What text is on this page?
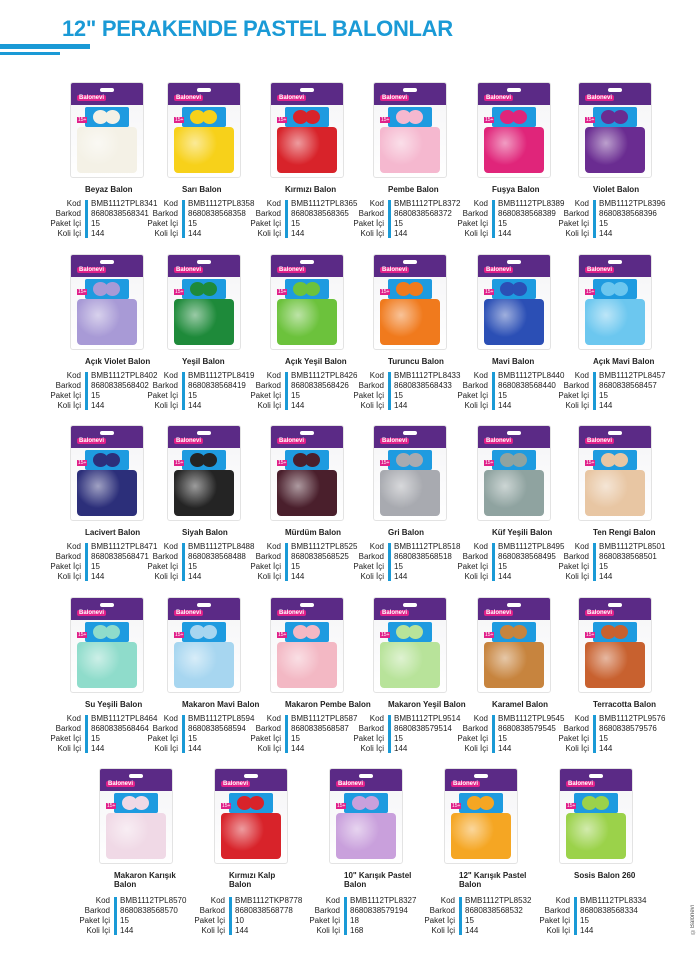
12" PERAKENDE PASTEL BALONLAR
Balonevi
15+
Beyaz Balon
Kod
Barkod
Paket İçi
Koli İçi
BMB1112TPL8341
8680838568341
15
144
Balonevi
15+
Sarı Balon
Kod
Barkod
Paket İçi
Koli İçi
BMB1112TPL8358
8680838568358
15
144
Balonevi
15+
Kırmızı Balon
Kod
Barkod
Paket İçi
Koli İçi
BMB1112TPL8365
8680838568365
15
144
Balonevi
15+
Pembe Balon
Kod
Barkod
Paket İçi
Koli İçi
BMB1112TPL8372
8680838568372
15
144
Balonevi
15+
Fuşya Balon
Kod
Barkod
Paket İçi
Koli İçi
BMB1112TPL8389
8680838568389
15
144
Balonevi
15+
Violet Balon
Kod
Barkod
Paket İçi
Koli İçi
BMB1112TPL8396
8680838568396
15
144
Balonevi
15+
Açık Violet Balon
Kod
Barkod
Paket İçi
Koli İçi
BMB1112TPL8402
8680838568402
15
144
Balonevi
15+
Yeşil Balon
Kod
Barkod
Paket İçi
Koli İçi
BMB1112TPL8419
8680838568419
15
144
Balonevi
15+
Açık Yeşil Balon
Kod
Barkod
Paket İçi
Koli İçi
BMB1112TPL8426
8680838568426
15
144
Balonevi
15+
Turuncu Balon
Kod
Barkod
Paket İçi
Koli İçi
BMB1112TPL8433
8680838568433
15
144
Balonevi
15+
Mavi Balon
Kod
Barkod
Paket İçi
Koli İçi
BMB1112TPL8440
8680838568440
15
144
Balonevi
15+
Açık Mavi Balon
Kod
Barkod
Paket İçi
Koli İçi
BMB1112TPL8457
8680838568457
15
144
Balonevi
15+
Lacivert Balon
Kod
Barkod
Paket İçi
Koli İçi
BMB1112TPL8471
8680838568471
15
144
Balonevi
15+
Siyah Balon
Kod
Barkod
Paket İçi
Koli İçi
BMB1112TPL8488
8680838568488
15
144
Balonevi
15+
Mürdüm Balon
Kod
Barkod
Paket İçi
Koli İçi
BMB1112TPL8525
8680838568525
15
144
Balonevi
15+
Gri Balon
Kod
Barkod
Paket İçi
Koli İçi
BMB1112TPL8518
8680838568518
15
144
Balonevi
15+
Küf Yeşili Balon
Kod
Barkod
Paket İçi
Koli İçi
BMB1112TPL8495
8680838568495
15
144
Balonevi
15+
Ten Rengi Balon
Kod
Barkod
Paket İçi
Koli İçi
BMB1112TPL8501
8680838568501
15
144
Balonevi
15+
Su Yeşili Balon
Kod
Barkod
Paket İçi
Koli İçi
BMB1112TPL8464
8680838568464
15
144
Balonevi
15+
Makaron Mavi Balon
Kod
Barkod
Paket İçi
Koli İçi
BMB1112TPL8594
8680838568594
15
144
Balonevi
15+
Makaron Pembe Balon
Kod
Barkod
Paket İçi
Koli İçi
BMB1112TPL8587
8680838568587
15
144
Balonevi
15+
Makaron Yeşil Balon
Kod
Barkod
Paket İçi
Koli İçi
BMB1112TPL9514
8680838579514
15
144
Balonevi
15+
Karamel Balon
Kod
Barkod
Paket İçi
Koli İçi
BMB1112TPL9545
8680838579545
15
144
Balonevi
15+
Terracotta Balon
Kod
Barkod
Paket İçi
Koli İçi
BMB1112TPL9576
8680838579576
15
144
Balonevi
15+
Makaron Karışık Balon
Kod
Barkod
Paket İçi
Koli İçi
BMB1112TPL8570
8680838568570
15
144
Balonevi
15+
Kırmızı Kalp Balon
Kod
Barkod
Paket İçi
Koli İçi
BMB1112TKP8778
8680838568778
10
144
Balonevi
15+
10" Karışık Pastel Balon
Kod
Barkod
Paket İçi
Koli İçi
BMB1112TPL8327
8680838579194
18
168
Balonevi
15+
12" Karışık Pastel Balon
Kod
Barkod
Paket İçi
Koli İçi
BMB1112TPL8532
8680838568532
15
144
Balonevi
15+
Sosis Balon 260
Kod
Barkod
Paket İçi
Koli İçi
BMB1112TPL8334
8680838568334
15
144	©Balonevi
